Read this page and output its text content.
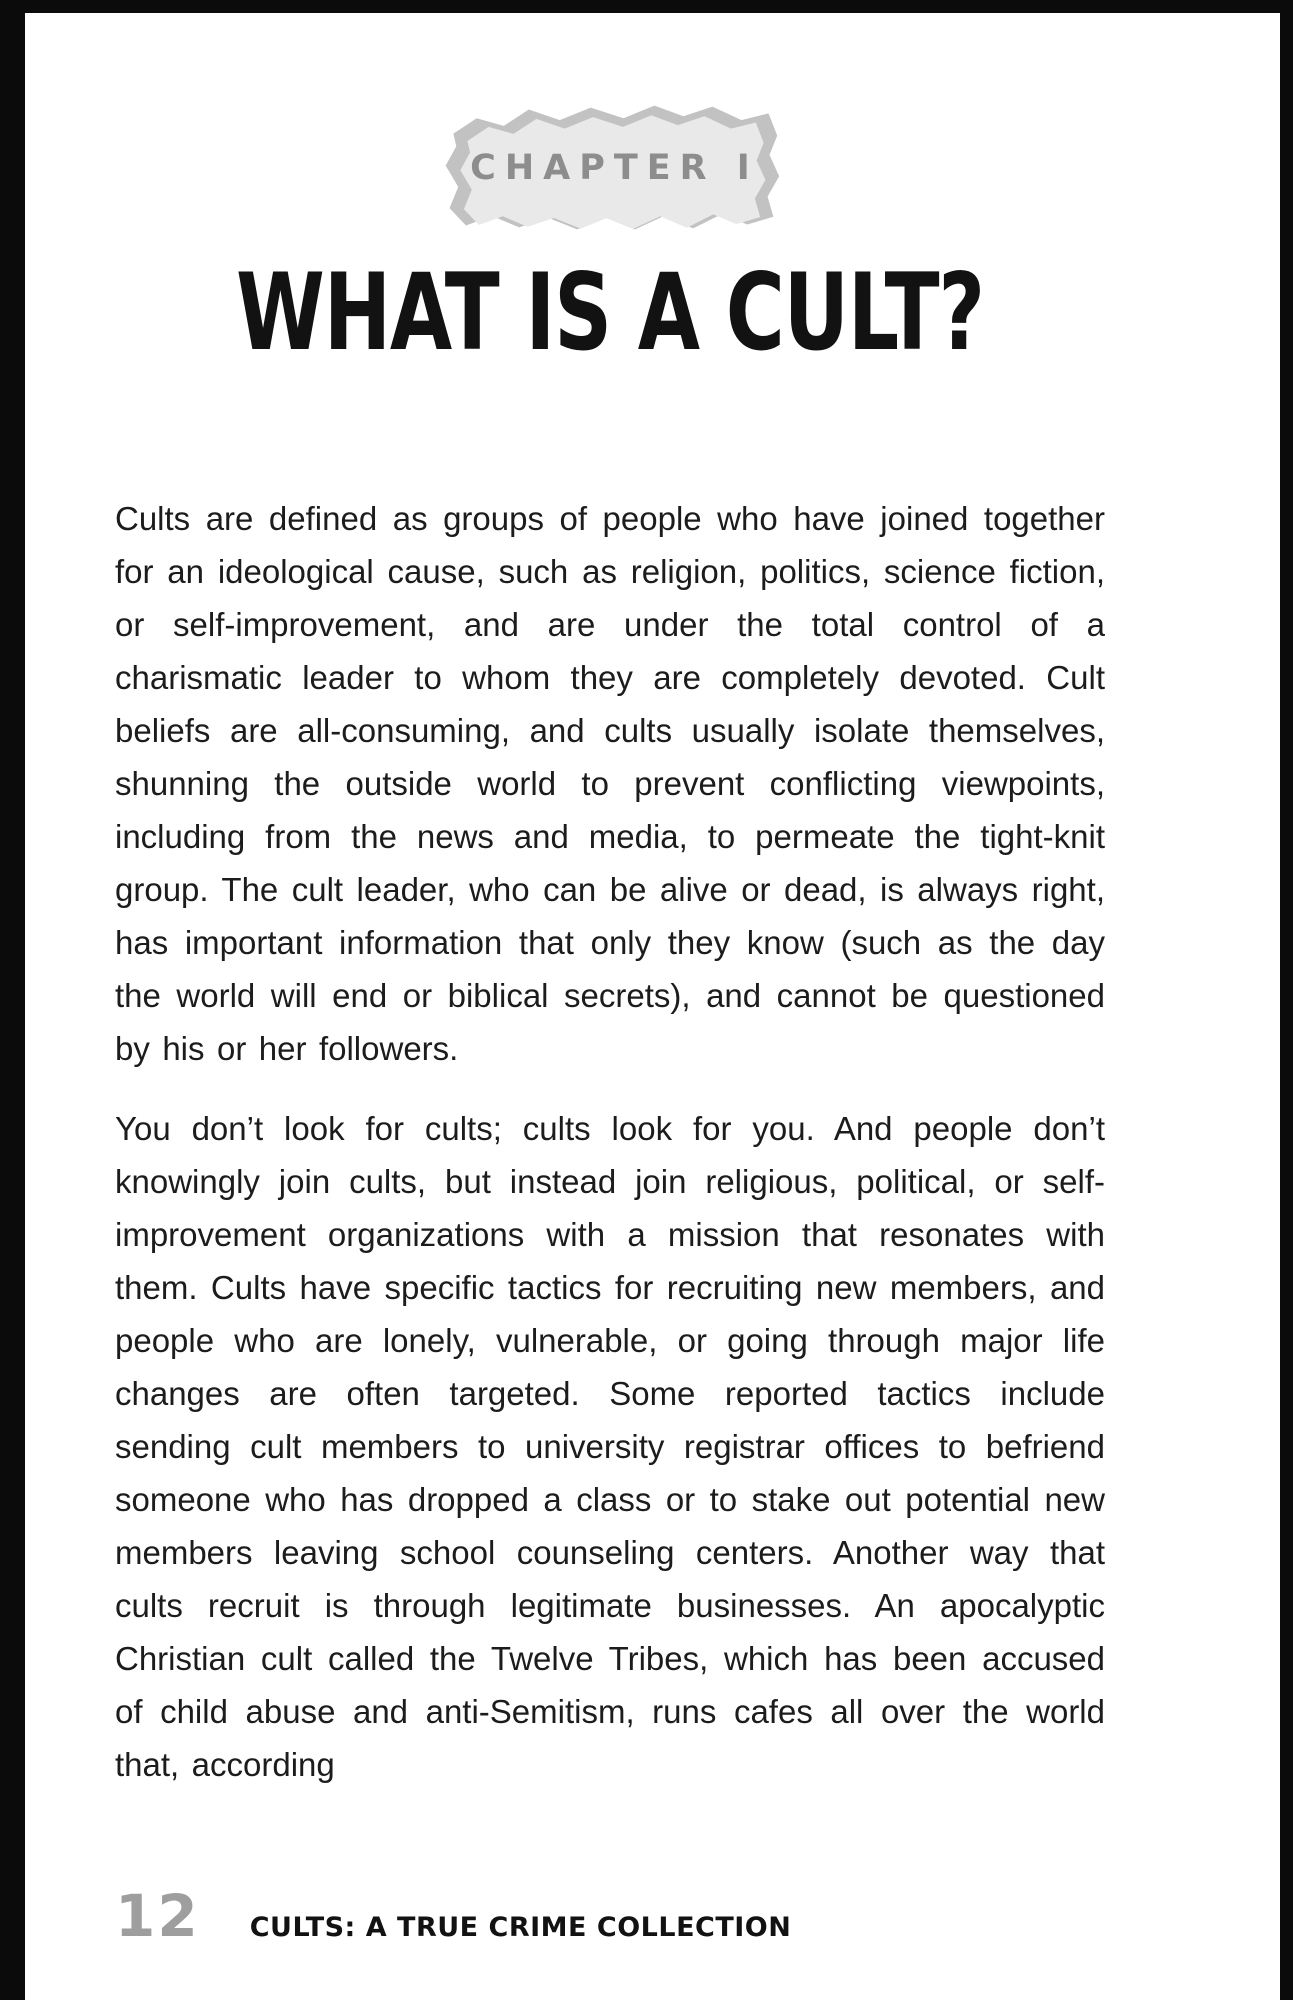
CHAPTER I
WHAT IS A CULT?

Cults are defined as groups of people who have joined together for an ideological cause, such as religion, politics, science fiction, or self-improvement, and are under the total control of a charismatic leader to whom they are completely devoted. Cult beliefs are all-consuming, and cults usually isolate themselves, shunning the outside world to prevent conflicting viewpoints, including from the news and media, to permeate the tight-knit group. The cult leader, who can be alive or dead, is always right, has important information that only they know (such as the day the world will end or biblical secrets), and cannot be questioned by his or her followers.

You don’t look for cults; cults look for you. And people don’t knowingly join cults, but instead join religious, political, or self-improvement organizations with a mission that resonates with them. Cults have specific tactics for recruiting new members, and people who are lonely, vulnerable, or going through major life changes are often targeted. Some reported tactics include sending cult members to university registrar offices to befriend someone who has dropped a class or to stake out potential new members leaving school counseling centers. Another way that cults recruit is through legitimate businesses. An apocalyptic Christian cult called the Twelve Tribes, which has been accused of child abuse and anti-Semitism, runs cafes all over the world that, according

12 CULTS: A TRUE CRIME COLLECTION
